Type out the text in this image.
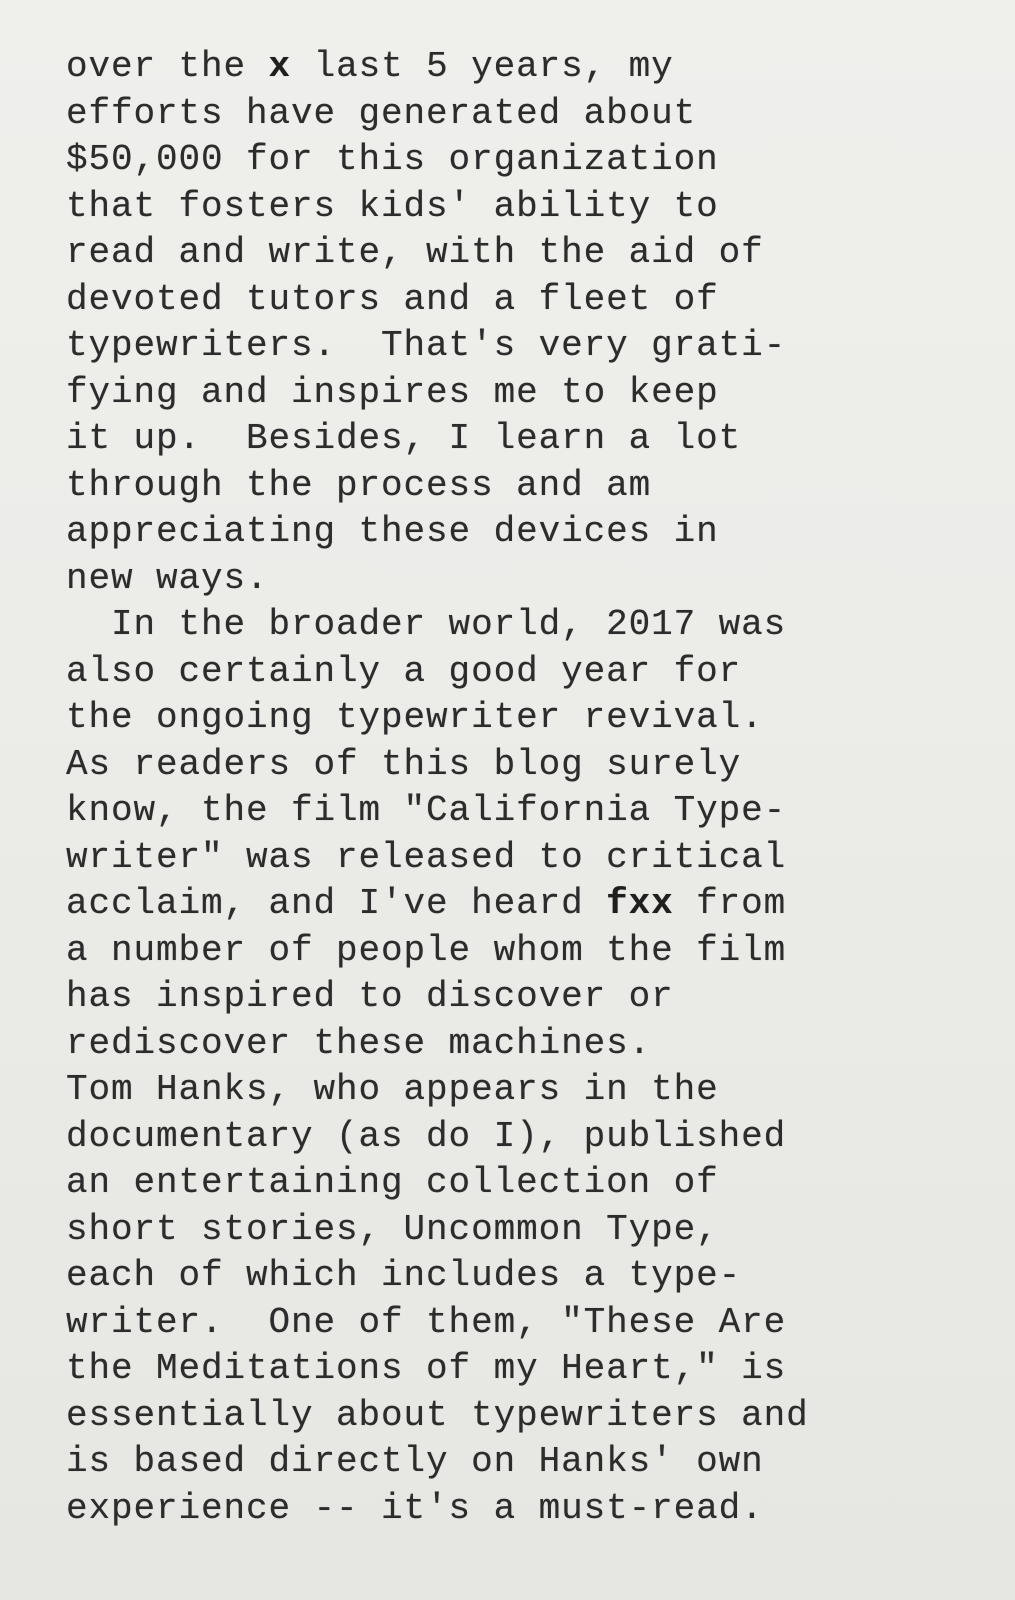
over the x last 5 years, my
efforts have generated about
$50,000 for this organization
that fosters kids' ability to
read and write, with the aid of
devoted tutors and a fleet of
typewriters.  That's very grati-
fying and inspires me to keep
it up.  Besides, I learn a lot
through the process and am
appreciating these devices in
new ways.
In the broader world, 2017 was
also certainly a good year for
the ongoing typewriter revival.
As readers of this blog surely
know, the film "California Type-
writer" was released to critical
acclaim, and I've heard fxx from
a number of people whom the film
has inspired to discover or
rediscover these machines.
Tom Hanks, who appears in the
documentary (as do I), published
an entertaining collection of
short stories, Uncommon Type,
each of which includes a type-
writer.  One of them, "These Are
the Meditations of my Heart," is
essentially about typewriters and
is based directly on Hanks' own
experience -- it's a must-read.
